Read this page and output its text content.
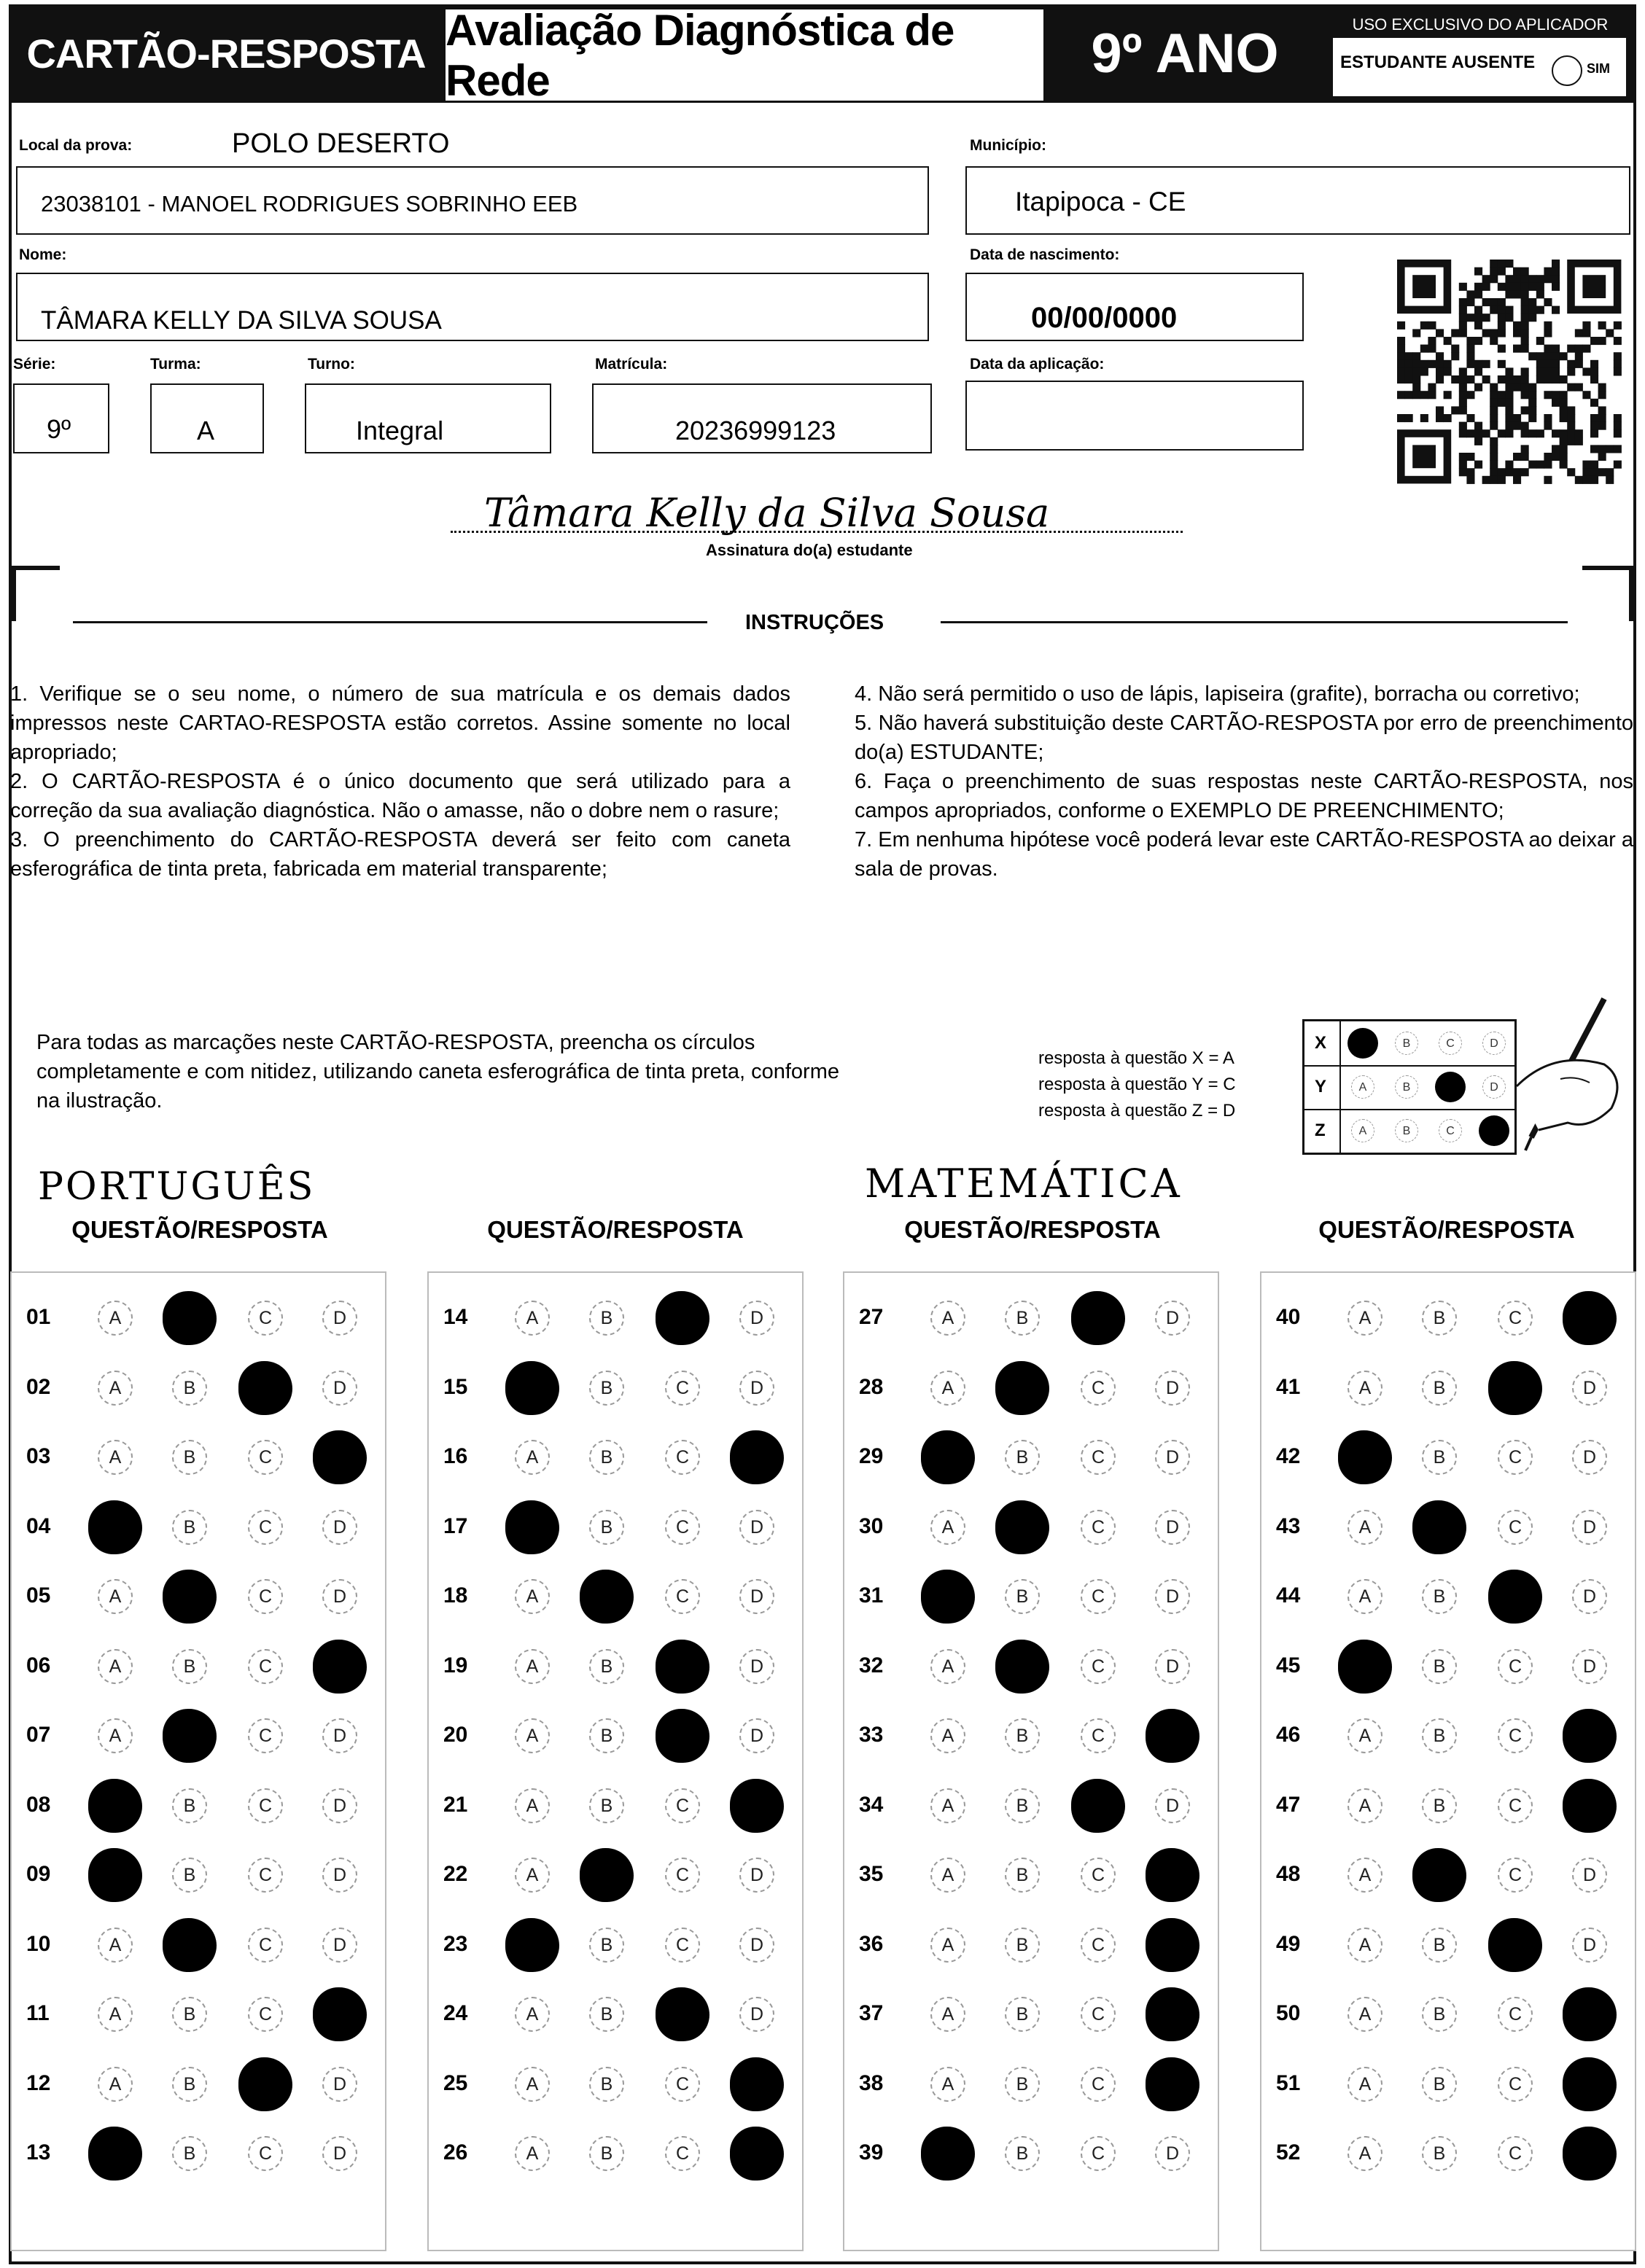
CARTÃO-RESPOSTA Avaliação Diagnóstica de Rede	9º ANO	USO EXCLUSIVO DO APLICADOR
ESTUDANTE AUSENTE	SIM
Local da prova:	POLO DESERTO
23038101 - MANOEL RODRIGUES SOBRINHO EEB
Município:
Itapipoca - CE
Nome:
TÂMARA KELLY DA SILVA SOUSA
Data de nascimento:
00/00/0000
Série:
9º
Turma:
A
Turno:
Integral
Matrícula:
20236999123
Data da aplicação:
Tâmara Kelly da Silva Sousa
Assinatura do(a) estudante
INSTRUÇÕES

1. Verifique se o seu nome, o número de sua matrícula e os demais dados impressos neste CARTAO-RESPOSTA estão corretos. Assine somente no local apropriado;

2. O CARTÃO-RESPOSTA é o único documento que será utilizado para a correção da sua avaliação diagnóstica. Não o amasse, não o dobre nem o rasure;

3. O preenchimento do CARTÃO-RESPOSTA deverá ser feito com caneta esferográfica de tinta preta, fabricada em material transparente;

4. Não será permitido o uso de lápis, lapiseira (grafite), borracha ou corretivo;

5. Não haverá substituição deste CARTÃO-RESPOSTA por erro de preenchimento do(a) ESTUDANTE;

6. Faça o preenchimento de suas respostas neste CARTÃO-RESPOSTA, nos campos apropriados, conforme o EXEMPLO DE PREENCHIMENTO;

7. Em nenhuma hipótese você poderá levar este CARTÃO-RESPOSTA ao deixar a sala de provas.

Para todas as marcações neste CARTÃO-RESPOSTA, preencha os círculos completamente e com nitidez, utilizando caneta esferográfica de tinta preta, conforme na ilustração.
resposta à questão X = A
resposta à questão Y = C
resposta à questão Z = D
X	A	B	C	D
Y	A	B	C	D
Z	A	B	C	D
PORTUGUÊS	MATEMÁTICA
QUESTÃO/RESPOSTA	QUESTÃO/RESPOSTA	QUESTÃO/RESPOSTA	QUESTÃO/RESPOSTA
01	A	B	C	D
02	A	B	C	D
03	A	B	C	D
04	A	B	C	D
05	A	B	C	D
06	A	B	C	D
07	A	B	C	D
08	A	B	C	D
09	A	B	C	D
10	A	B	C	D
11	A	B	C	D
12	A	B	C	D
13	A	B	C	D
14	A	B	C	D
15	A	B	C	D
16	A	B	C	D
17	A	B	C	D
18	A	B	C	D
19	A	B	C	D
20	A	B	C	D
21	A	B	C	D
22	A	B	C	D
23	A	B	C	D
24	A	B	C	D
25	A	B	C	D
26	A	B	C	D
27	A	B	C	D
28	A	B	C	D
29	A	B	C	D
30	A	B	C	D
31	A	B	C	D
32	A	B	C	D
33	A	B	C	D
34	A	B	C	D
35	A	B	C	D
36	A	B	C	D
37	A	B	C	D
38	A	B	C	D
39	A	B	C	D
40	A	B	C	D
41	A	B	C	D
42	A	B	C	D
43	A	B	C	D
44	A	B	C	D
45	A	B	C	D
46	A	B	C	D
47	A	B	C	D
48	A	B	C	D
49	A	B	C	D
50	A	B	C	D
51	A	B	C	D
52	A	B	C	D
